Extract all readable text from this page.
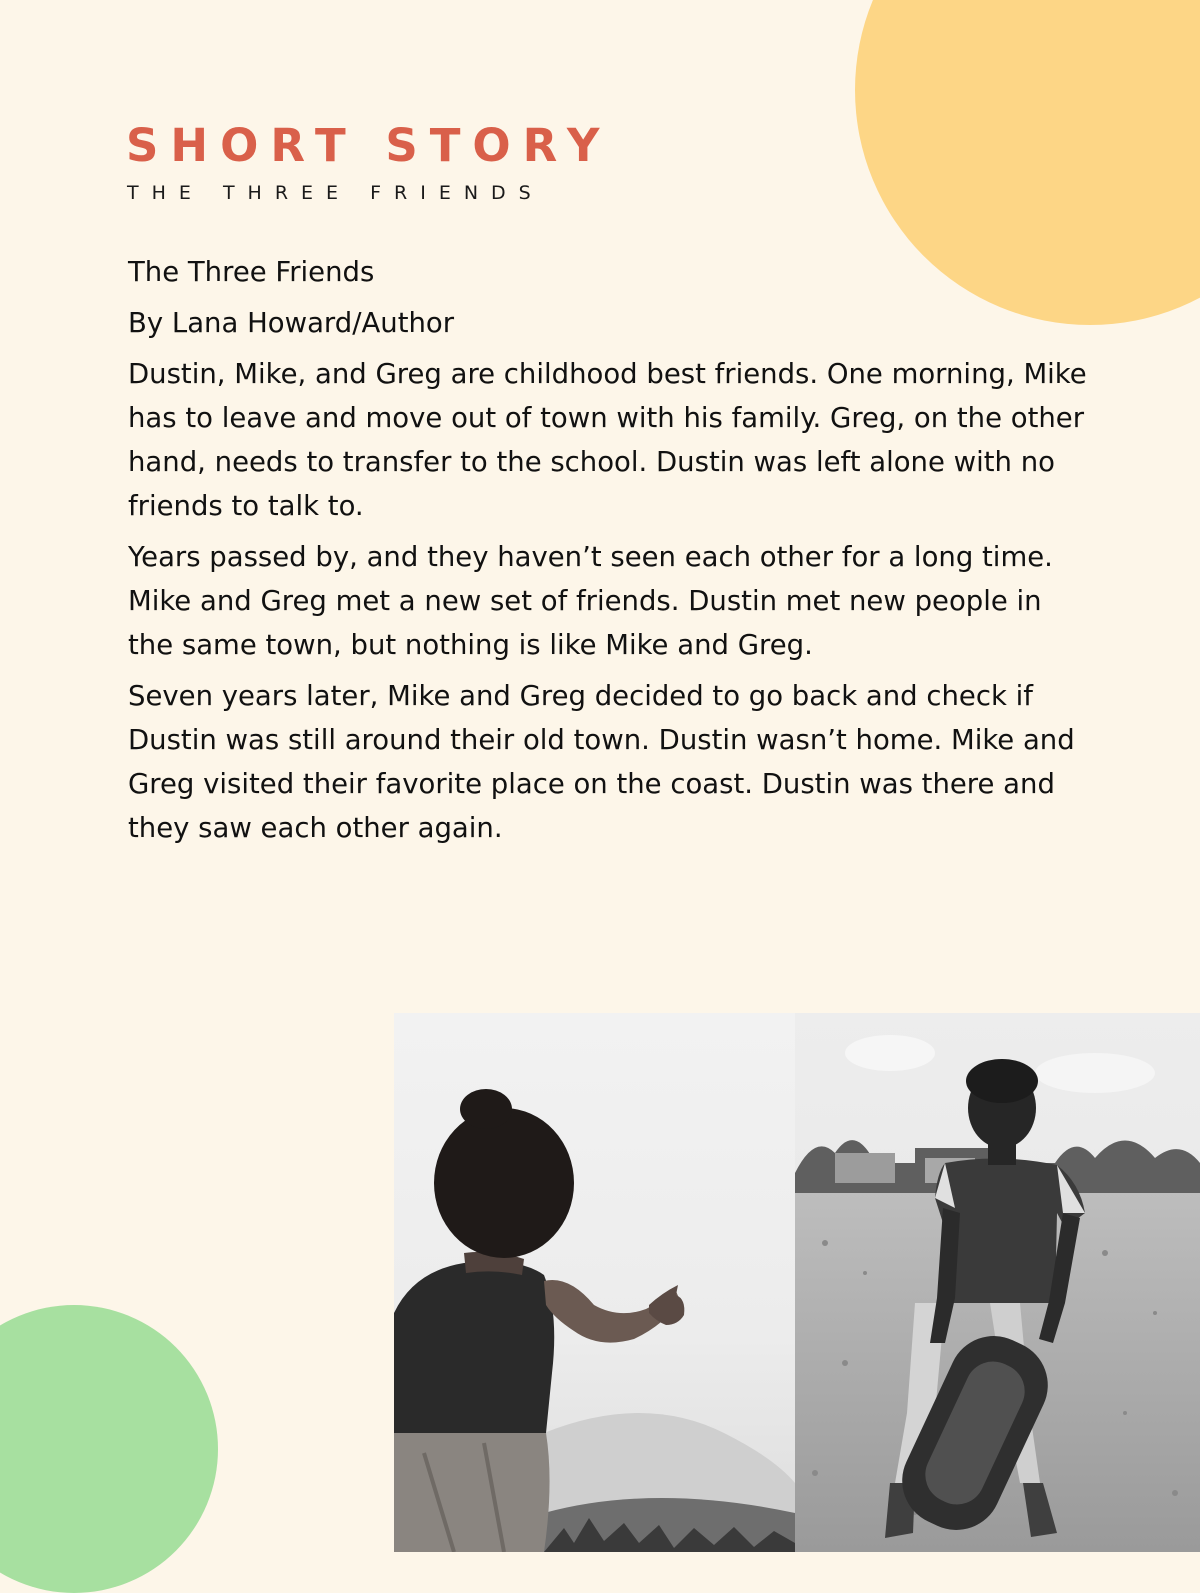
SHORT STORY
THE THREE FRIENDS

The Three Friends

By Lana Howard/Author

Dustin, Mike, and Greg are childhood best friends. One morning, Mike has to leave and move out of town with his family. Greg, on the other hand, needs to transfer to the school. Dustin was left alone with no friends to talk to.

Years passed by, and they haven’t seen each other for a long time. Mike and Greg met a new set of friends. Dustin met new people in the same town, but nothing is like Mike and Greg.

Seven years later, Mike and Greg decided to go back and check if Dustin was still around their old town. Dustin wasn’t home. Mike and Greg visited their favorite place on the coast. Dustin was there and they saw each other again.
